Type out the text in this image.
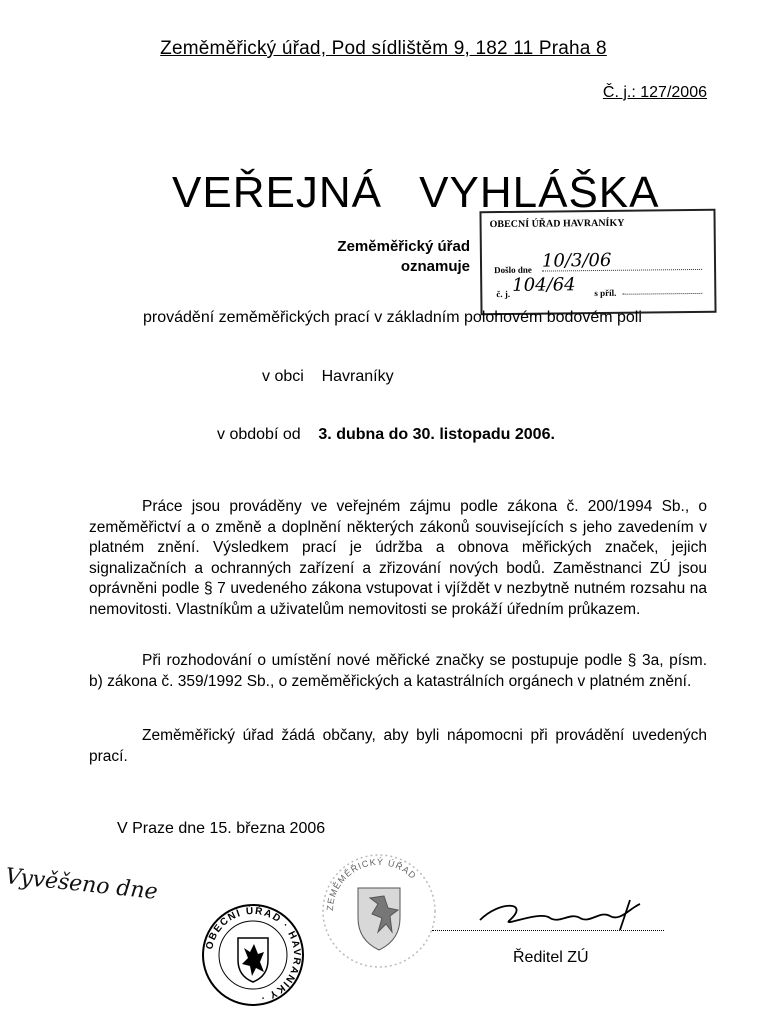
Zeměměřický úřad, Pod sídlištěm 9, 182 11 Praha 8
Č. j.: 127/2006
VEŘEJNÁ VYHLÁŠKA
Zeměměřický úřad
oznamuje
OBECNÍ ÚŘAD HAVRANÍKY
Došlo dne 10/3/06
č. j. 104/64 s příl.
provádění zeměměřických prací v základním polohovém bodovém poli
v obci Havraníky
v období od 3. dubna do 30. listopadu 2006.

Práce jsou prováděny ve veřejném zájmu podle zákona č. 200/1994 Sb., o zeměměřictví a o změně a doplnění některých zákonů souvisejících s jeho zavedením v platném znění. Výsledkem prací je údržba a obnova měřických značek, jejich signalizačních a ochranných zařízení a zřizování nových bodů. Zaměstnanci ZÚ jsou oprávněni podle § 7 uvedeného zákona vstupovat i vjíždět v nezbytně nutném rozsahu na nemovitosti. Vlastníkům a uživatelům nemovitosti se prokáží úředním průkazem.

Při rozhodování o umístění nové měřické značky se postupuje podle § 3a, písm. b) zákona č. 359/1992 Sb., o zeměměřických a katastrálních orgánech v platném znění.

Zeměměřický úřad žádá občany, aby byli nápomocni při provádění uvedených prací.

V Praze dne 15. března 2006
Vyvěšeno dne
ZEMĚMĚŘICKÝ ÚŘAD
OBECNÍ ÚŘAD · HAVRANÍKY ·
Ředitel ZÚ
